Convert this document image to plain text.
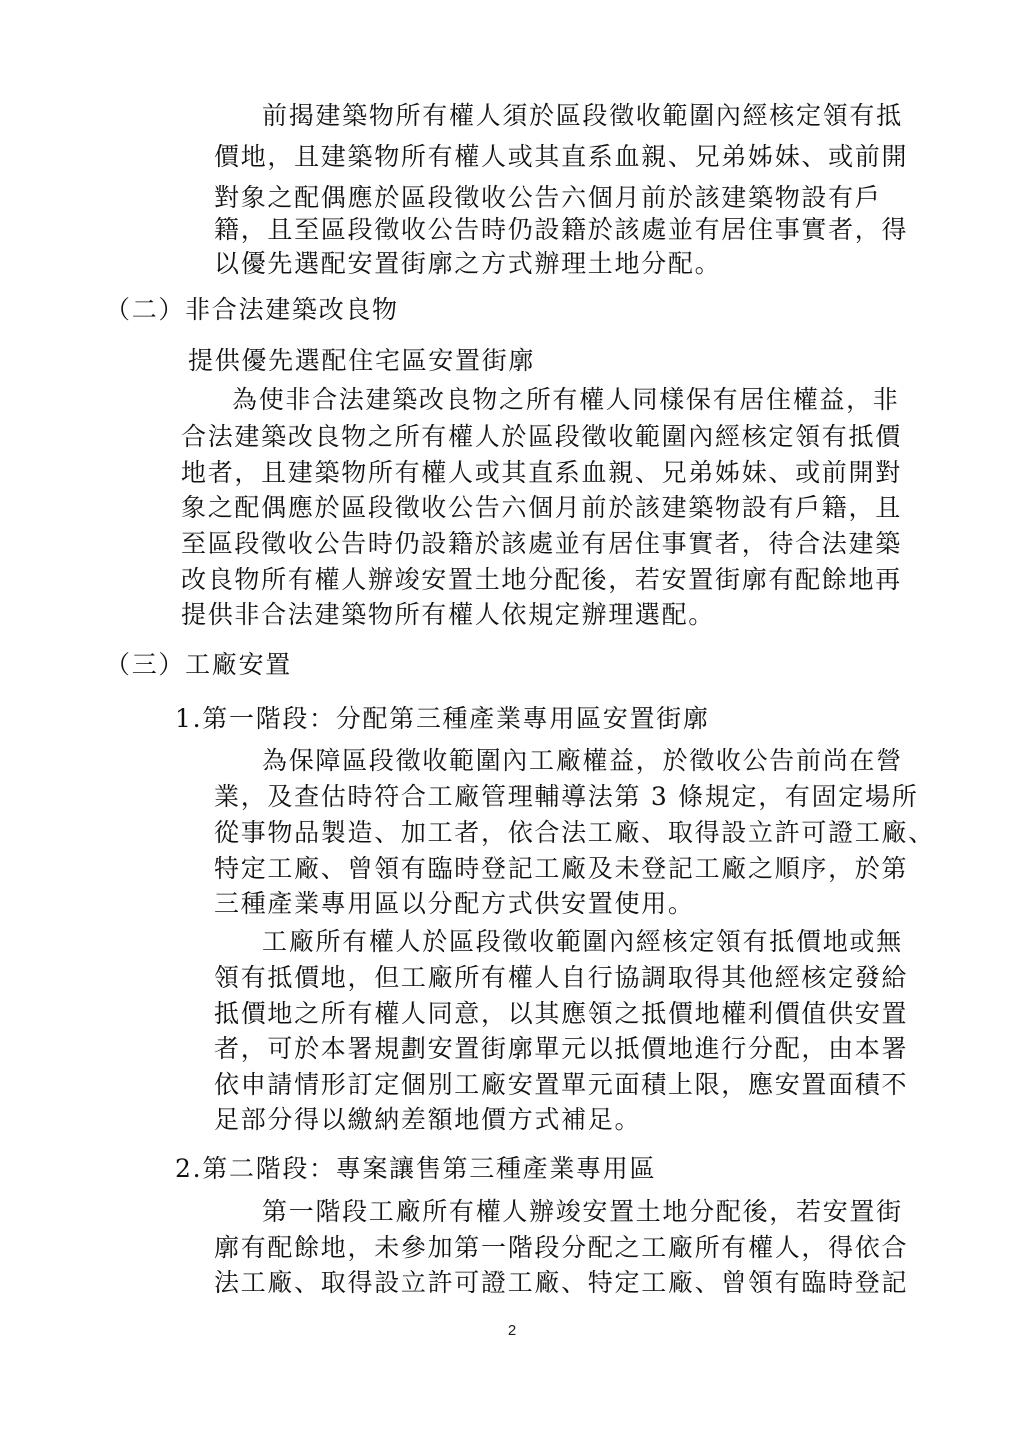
前揭建築物所有權人須於區段徵收範圍內經核定領有抵
價地，且建築物所有權人或其直系血親、兄弟姊妹、或前開
對象之配偶應於區段徵收公告六個月前於該建築物設有戶
籍，且至區段徵收公告時仍設籍於該處並有居住事實者，得
以優先選配安置街廓之方式辦理土地分配。
（二）非合法建築改良物
提供優先選配住宅區安置街廓
為使非合法建築改良物之所有權人同樣保有居住權益，非
合法建築改良物之所有權人於區段徵收範圍內經核定領有抵價
地者，且建築物所有權人或其直系血親、兄弟姊妹、或前開對
象之配偶應於區段徵收公告六個月前於該建築物設有戶籍，且
至區段徵收公告時仍設籍於該處並有居住事實者，待合法建築
改良物所有權人辦竣安置土地分配後，若安置街廓有配餘地再
提供非合法建築物所有權人依規定辦理選配。
（三）工廠安置
1.第一階段：分配第三種產業專用區安置街廓
為保障區段徵收範圍內工廠權益，於徵收公告前尚在營
業，及查估時符合工廠管理輔導法第 3 條規定，有固定場所
從事物品製造、加工者，依合法工廠、取得設立許可證工廠、
特定工廠、曾領有臨時登記工廠及未登記工廠之順序，於第
三種產業專用區以分配方式供安置使用。
工廠所有權人於區段徵收範圍內經核定領有抵價地或無
領有抵價地，但工廠所有權人自行協調取得其他經核定發給
抵價地之所有權人同意，以其應領之抵價地權利價值供安置
者，可於本署規劃安置街廓單元以抵價地進行分配，由本署
依申請情形訂定個別工廠安置單元面積上限，應安置面積不
足部分得以繳納差額地價方式補足。
2.第二階段：專案讓售第三種產業專用區
第一階段工廠所有權人辦竣安置土地分配後，若安置街
廓有配餘地，未參加第一階段分配之工廠所有權人，得依合
法工廠、取得設立許可證工廠、特定工廠、曾領有臨時登記
2
